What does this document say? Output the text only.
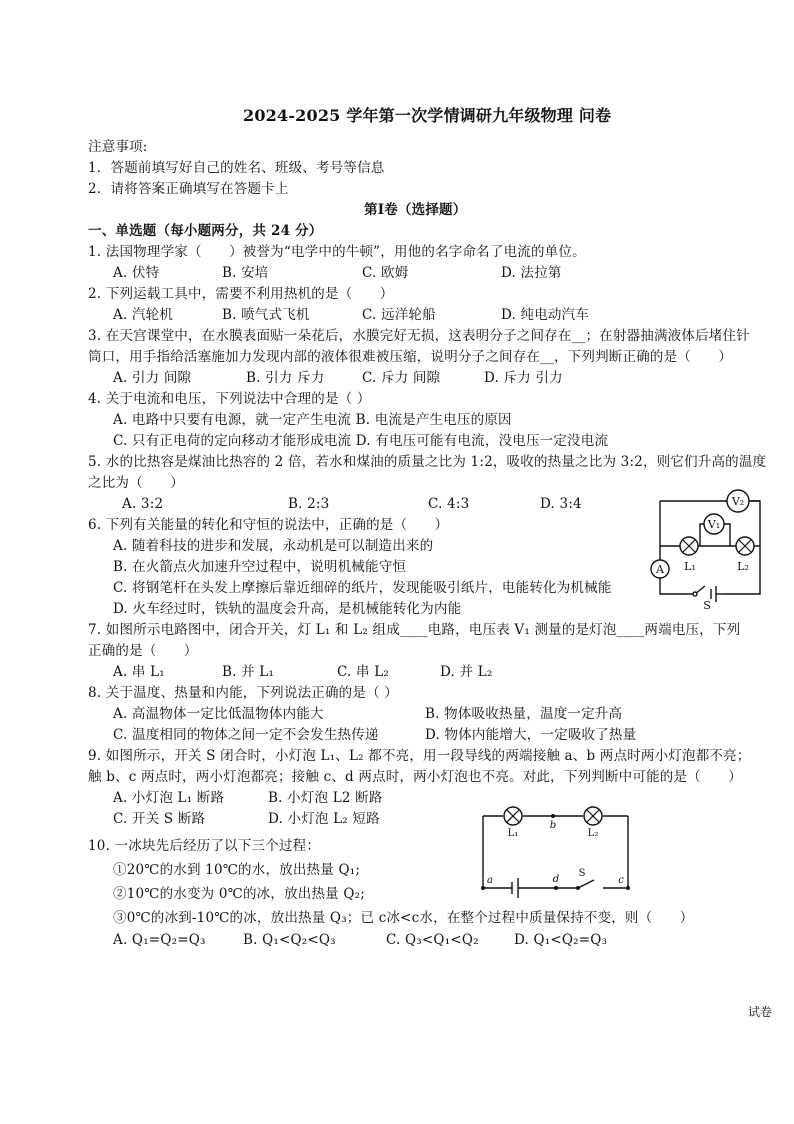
2024-2025 学年第一次学情调研九年级物理 问卷
注意事项:
1．答题前填写好自己的姓名、班级、考号等信息
2．请将答案正确填写在答题卡上
第Ⅰ卷（选择题）
一、单选题（每小题两分，共 24 分）
1. 法国物理学家（　　）被誉为“电学中的牛顿”，用他的名字命名了电流的单位。
A. 伏特	B. 安培	C. 欧姆	D. 法拉第
2. 下列运载工具中，需要不利用热机的是（　　）
A. 汽轮机	B. 喷气式飞机	C. 远洋轮船	D. 纯电动汽车
3. 在天宫课堂中，在水膜表面贴一朵花后，水膜完好无损，这表明分子之间存在__；在射器抽满液体后堵住针
筒口，用手指给活塞施加力发现内部的液体很难被压缩，说明分子之间存在__，下列判断正确的是（　　）
A. 引力 间隙	B. 引力 斥力	C. 斥力 间隙	D. 斥力 引力
4. 关于电流和电压，下列说法中合理的是（ ）
A. 电路中只要有电源，就一定产生电流 B. 电流是产生电压的原因
C. 只有正电荷的定向移动才能形成电流 D. 有电压可能有电流，没电压一定没电流
5. 水的比热容是煤油比热容的 2 倍，若水和煤油的质量之比为 1:2，吸收的热量之比为 3:2，则它们升高的温度
之比为（　　）
A. 3:2	B. 2:3	C. 4:3	D. 3:4
6. 下列有关能量的转化和守恒的说法中，正确的是（　　）
A. 随着科技的进步和发展，永动机是可以制造出来的
B. 在火箭点火加速升空过程中，说明机械能守恒
C. 将钢笔杆在头发上摩擦后靠近细碎的纸片，发现能吸引纸片，电能转化为机械能
D. 火车经过时，铁轨的温度会升高，是机械能转化为内能
7. 如图所示电路图中，闭合开关，灯 L₁ 和 L₂ 组成____电路，电压表 V₁ 测量的是灯泡____两端电压，下列
正确的是（　　）
A. 串 L₁	B. 并 L₁	C. 串 L₂	D. 并 L₂
8. 关于温度、热量和内能，下列说法正确的是（ ）
A. 高温物体一定比低温物体内能大	B. 物体吸收热量，温度一定升高
C. 温度相同的物体之间一定不会发生热传递	D. 物体内能增大，一定吸收了热量
9. 如图所示，开关 S 闭合时，小灯泡 L₁、L₂ 都不亮，用一段导线的两端接触 a、b 两点时两小灯泡都不亮；
触 b、c 两点时，两小灯泡都亮；接触 c、d 两点时，两小灯泡也不亮。对此，下列判断中可能的是（　　）
A. 小灯泡 L₁ 断路	B. 小灯泡 L2 断路
C. 开关 S 断路	D. 小灯泡 L₂ 短路
10. 一冰块先后经历了以下三个过程：
①20℃的水到 10℃的水，放出热量 Q₁;
②10℃的水变为 0℃的冰，放出热量 Q₂;
③0℃的冰到-10℃的冰，放出热量 Q₃；已 c冰<c水，在整个过程中质量保持不变，则（　　）
A. Q₁=Q₂=Q₃	B. Q₁<Q₂<Q₃	C. Q₃<Q₁<Q₂	D. Q₁<Q₂=Q₃
V₂
V₁
A L₁	L₂
S
L₁
b
L₂
a	d
S
c
试卷
